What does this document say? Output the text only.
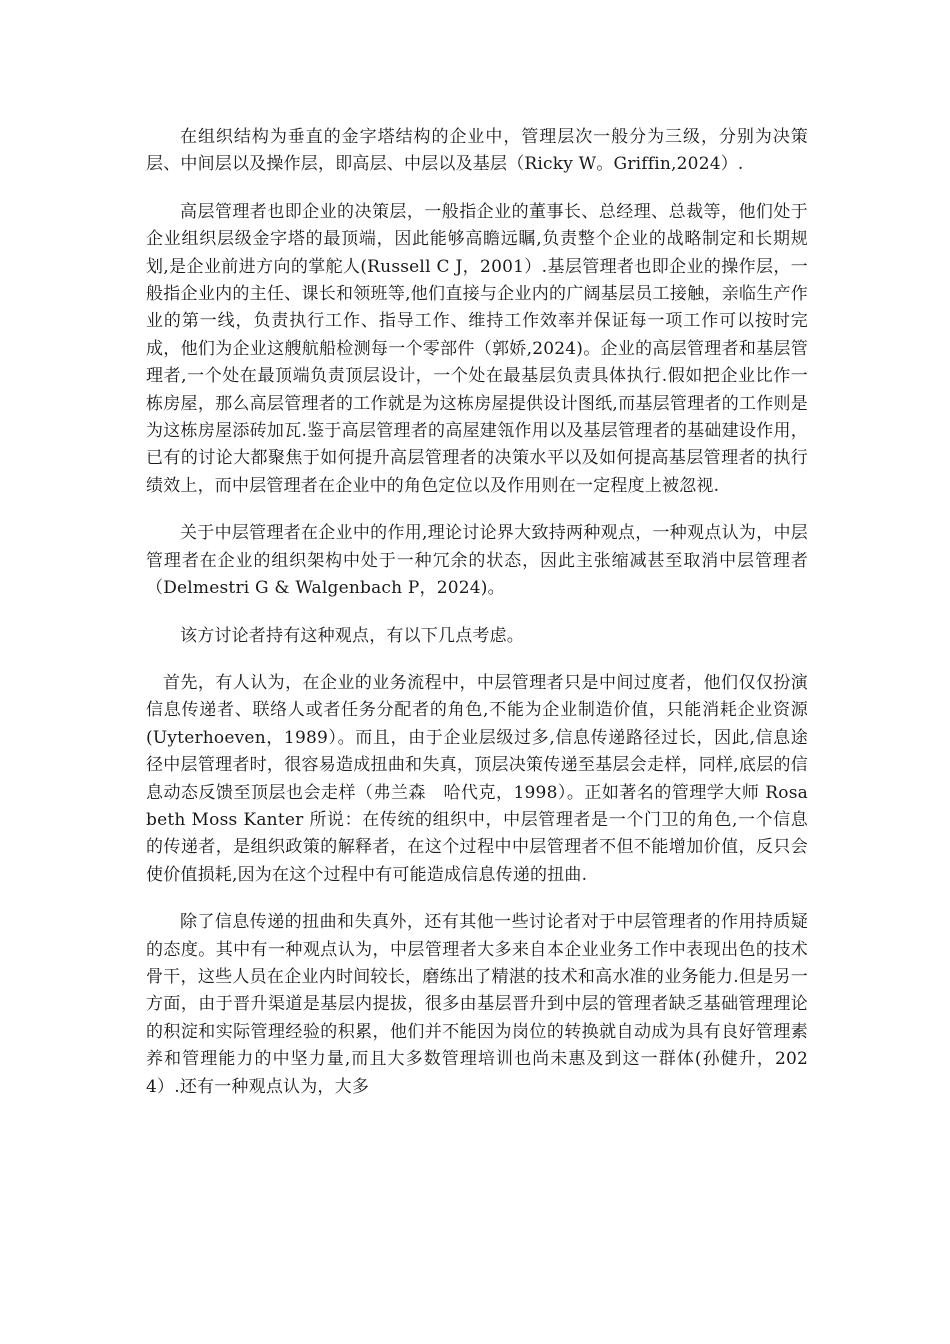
在组织结构为垂直的金字塔结构的企业中，管理层次一般分为三级，分别为决策层、中间层以及操作层，即高层、中层以及基层（Ricky W。Griffin,2024）.

高层管理者也即企业的决策层，一般指企业的董事长、总经理、总裁等，他们处于企业组织层级金字塔的最顶端，因此能够高瞻远瞩,负责整个企业的战略制定和长期规划,是企业前进方向的掌舵人(Russell C J，2001）.基层管理者也即企业的操作层，一般指企业内的主任、课长和领班等,他们直接与企业内的广阔基层员工接触，亲临生产作业的第一线，负责执行工作、指导工作、维持工作效率并保证每一项工作可以按时完成，他们为企业这艘航船检测每一个零部件（郭娇,2024)。企业的高层管理者和基层管理者,一个处在最顶端负责顶层设计，一个处在最基层负责具体执行.假如把企业比作一栋房屋，那么高层管理者的工作就是为这栋房屋提供设计图纸,而基层管理者的工作则是为这栋房屋添砖加瓦.鉴于高层管理者的高屋建瓴作用以及基层管理者的基础建设作用，已有的讨论大都聚焦于如何提升高层管理者的决策水平以及如何提高基层管理者的执行绩效上，而中层管理者在企业中的角色定位以及作用则在一定程度上被忽视.

关于中层管理者在企业中的作用,理论讨论界大致持两种观点，一种观点认为，中层管理者在企业的组织架构中处于一种冗余的状态，因此主张缩减甚至取消中层管理者（Delmestri G & Walgenbach P，2024)。

该方讨论者持有这种观点，有以下几点考虑。

首先，有人认为，在企业的业务流程中，中层管理者只是中间过度者，他们仅仅扮演信息传递者、联络人或者任务分配者的角色,不能为企业制造价值，只能消耗企业资源(Uyterhoeven，1989）。而且，由于企业层级过多,信息传递路径过长，因此,信息途径中层管理者时，很容易造成扭曲和失真，顶层决策传递至基层会走样，同样,底层的信息动态反馈至顶层也会走样（弗兰森　哈代克，1998）。正如著名的管理学大师 Rosabeth Moss Kanter 所说：在传统的组织中，中层管理者是一个门卫的角色,一个信息的传递者，是组织政策的解释者，在这个过程中中层管理者不但不能增加价值，反只会使价值损耗,因为在这个过程中有可能造成信息传递的扭曲.

除了信息传递的扭曲和失真外，还有其他一些讨论者对于中层管理者的作用持质疑的态度。其中有一种观点认为，中层管理者大多来自本企业业务工作中表现出色的技术骨干，这些人员在企业内时间较长，磨练出了精湛的技术和高水准的业务能力.但是另一方面，由于晋升渠道是基层内提拔，很多由基层晋升到中层的管理者缺乏基础管理理论的积淀和实际管理经验的积累，他们并不能因为岗位的转换就自动成为具有良好管理素养和管理能力的中坚力量,而且大多数管理培训也尚未惠及到这一群体(孙健升，2024）.还有一种观点认为，大多
